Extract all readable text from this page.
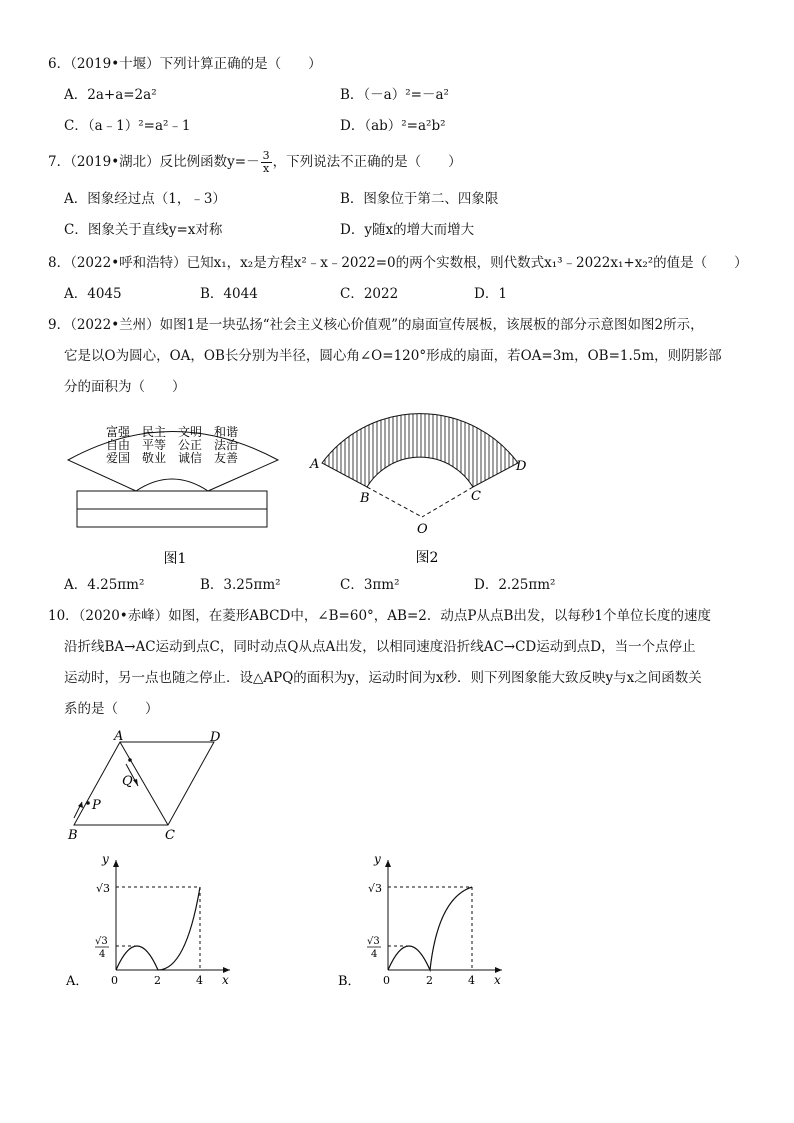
6．（2019•十堰）下列计算正确的是（　　）
A．2a+a=2a²	B．（－a）²=－a²
C．（a﹣1）²=a²﹣1	D．（ab）²=a²b²
7．（2019•湖北）反比例函数$y=- \frac{3}{x}$ ，下列说法不正确的是（　　）
A．图象经过点（1，﹣3）	B．图象位于第二、四象限
C．图象关于直线y=x对称	D．y随x的增大而增大
8．（2022•呼和浩特）已知x₁，x₂是方程x²﹣x﹣2022=0的两个实数根，则代数式x₁³﹣2022x₁+x₂²的值是（　　）
A．4045	B．4044	C．2022	D．1
9．（2022•兰州）如图1是一块弘扬“社会主义核心价值观”的扇面宣传展板，该展板的部分示意图如图2所示，
它是以O为圆心，OA，OB长分别为半径，圆心角∠O=120°形成的扇面，若OA=3m，OB=1.5m，则阴影部
分的面积为（　　）
富强　民主　文明　和谐
自由　平等　公正　法治
爱国　敬业　诚信　友善
图1
A
B	C
D
O
图2
A．4.25πm²	B．3.25πm²	C．3πm²	D．2.25πm²
10．（2020•赤峰）如图，在菱形ABCD中，∠B=60°，AB=2．动点P从点B出发，以每秒1个单位长度的速度
沿折线BA→AC运动到点C，同时动点Q从点A出发，以相同速度沿折线AC→CD运动到点D，当一个点停止
运动时，另一点也随之停止．设△APQ的面积为y，运动时间为x秒．则下列图象能大致反映y与x之间函数关
系的是（　　）
A	D
B	C
P
Q
A．
y
x
0	2	4
√3
√3
4
B．
y
x
0	2	4
√3
√3
4
